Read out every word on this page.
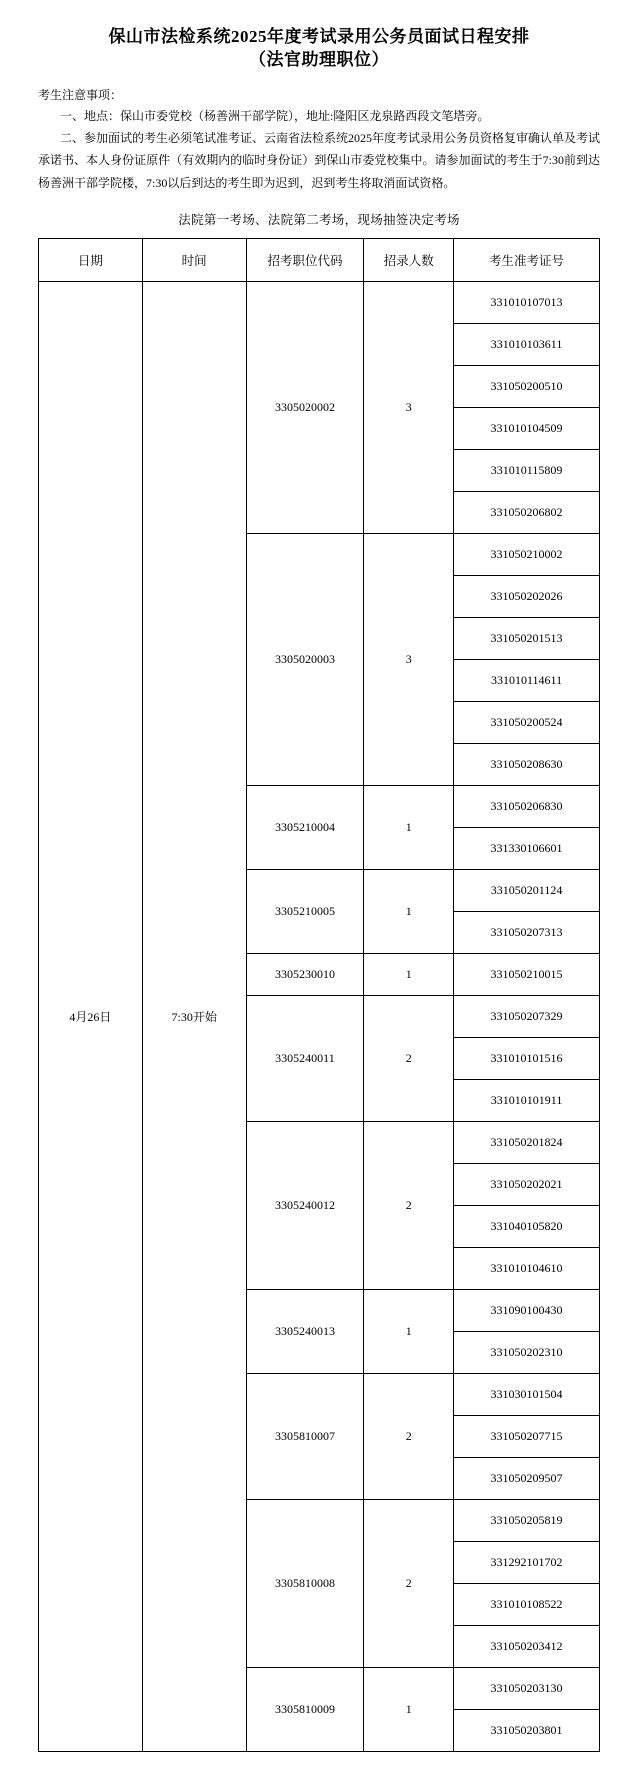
保山市法检系统2025年度考试录用公务员面试日程安排
（法官助理职位）
考生注意事项：
一、地点：保山市委党校（杨善洲干部学院），地址:隆阳区龙泉路西段文笔塔旁。
二、参加面试的考生必须笔试准考证、云南省法检系统2025年度考试录用公务员资格复审确认单及考试承诺书、本人身份证原件（有效期内的临时身份证）到保山市委党校集中。请参加面试的考生于7:30前到达杨善洲干部学院楼，7:30以后到达的考生即为迟到，迟到考生将取消面试资格。
法院第一考场、法院第二考场，现场抽签决定考场
日期	时间	招考职位代码	招录人数	考生准考证号
4月26日	7:30开始	3305020002	3	331010107013
				331010103611
				331050200510
				331010104509
				331010115809
				331050206802
		3305020003	3	331050210002
				331050202026
				331050201513
				331010114611
				331050200524
				331050208630
		3305210004	1	331050206830
				331330106601
		3305210005	1	331050201124
				331050207313
		3305230010	1	331050210015
		3305240011	2	331050207329
				331010101516
				331010101911
		3305240012	2	331050201824
				331050202021
				331040105820
				331010104610
		3305240013	1	331090100430
				331050202310
		3305810007	2	331030101504
				331050207715
				331050209507
		3305810008	2	331050205819
				331292101702
				331010108522
				331050203412
		3305810009	1	331050203130
				331050203801
